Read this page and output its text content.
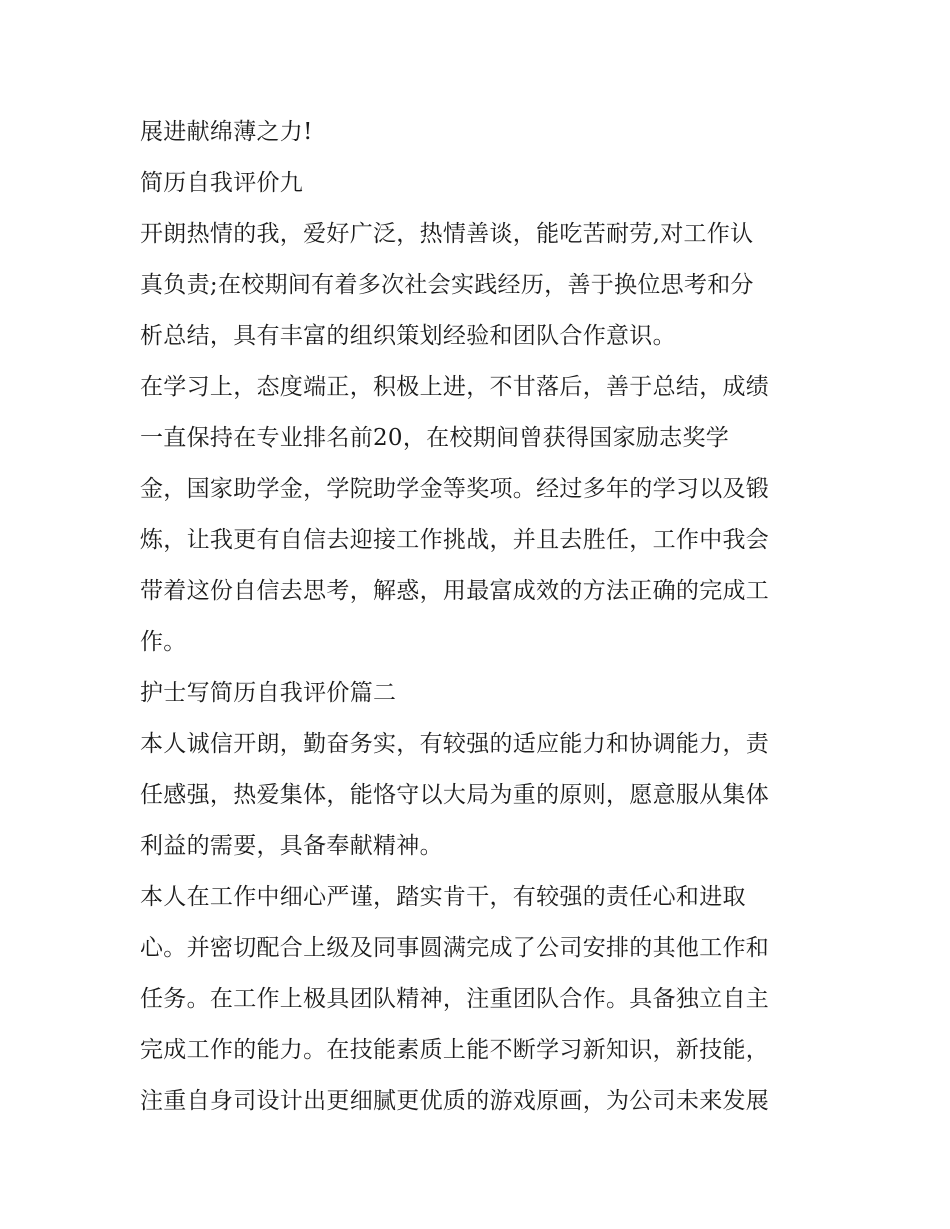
展进献绵薄之力!
简历自我评价九
开朗热情的我，爱好广泛，热情善谈，能吃苦耐劳,对工作认
真负责;在校期间有着多次社会实践经历，善于换位思考和分
析总结，具有丰富的组织策划经验和团队合作意识。
在学习上，态度端正，积极上进，不甘落后，善于总结，成绩
一直保持在专业排名前20，在校期间曾获得国家励志奖学
金，国家助学金，学院助学金等奖项。经过多年的学习以及锻
炼，让我更有自信去迎接工作挑战，并且去胜任，工作中我会
带着这份自信去思考，解惑，用最富成效的方法正确的完成工
作。
护士写简历自我评价篇二
本人诚信开朗，勤奋务实，有较强的适应能力和协调能力，责
任感强，热爱集体，能恪守以大局为重的原则，愿意服从集体
利益的需要，具备奉献精神。
本人在工作中细心严谨，踏实肯干，有较强的责任心和进取
心。并密切配合上级及同事圆满完成了公司安排的其他工作和
任务。在工作上极具团队精神，注重团队合作。具备独立自主
完成工作的能力。在技能素质上能不断学习新知识，新技能，
注重自身司设计出更细腻更优质的游戏原画，为公司未来发展
